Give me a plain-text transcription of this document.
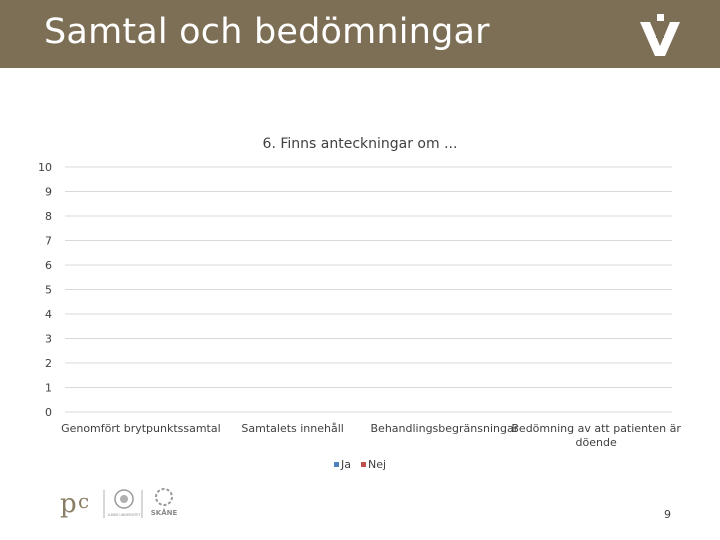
Samtal och bedömningar
6. Finns anteckningar om ...
0
1
2
3
4
5
6
7
8
9
10
Genomfört brytpunktssamtal Samtalets innehåll Behandlingsbegränsningar
Bedömning av att patienten är
döende
Ja Nej
p c
LUNDS UNIVERSITET SKÅNE	9
